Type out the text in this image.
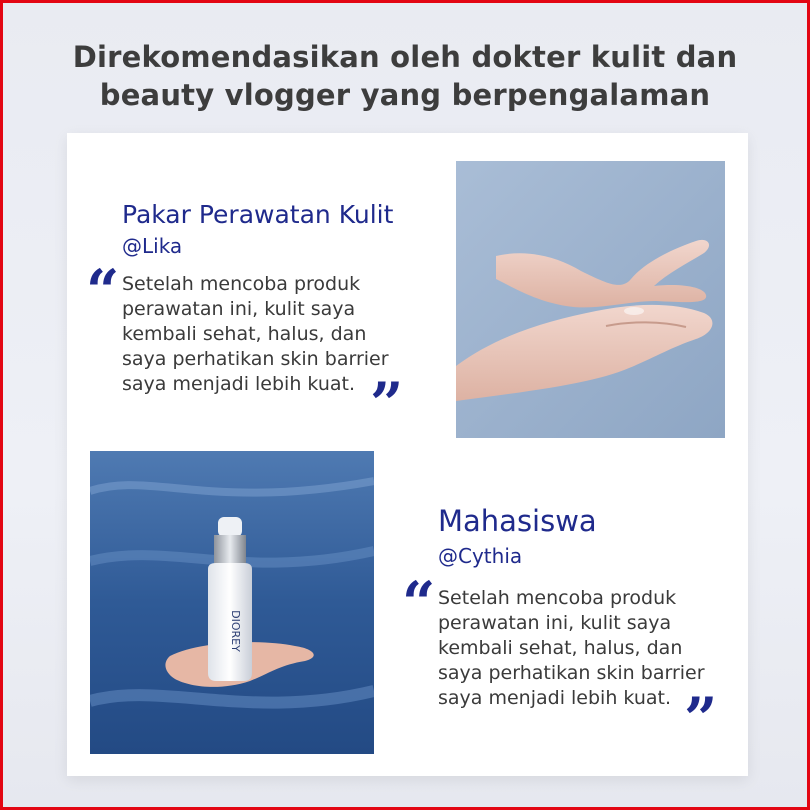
Direkomendasikan oleh dokter kulit dan
beauty vlogger yang berpengalaman
Pakar Perawatan Kulit
@Lika
“ Setelah mencoba produk
perawatan ini, kulit saya
kembali sehat, halus, dan
saya perhatikan skin barrier
saya menjadi lebih kuat. ”
DIOREY
Mahasiswa
@Cythia
“ Setelah mencoba produk
perawatan ini, kulit saya
kembali sehat, halus, dan
saya perhatikan skin barrier
saya menjadi lebih kuat. ”
